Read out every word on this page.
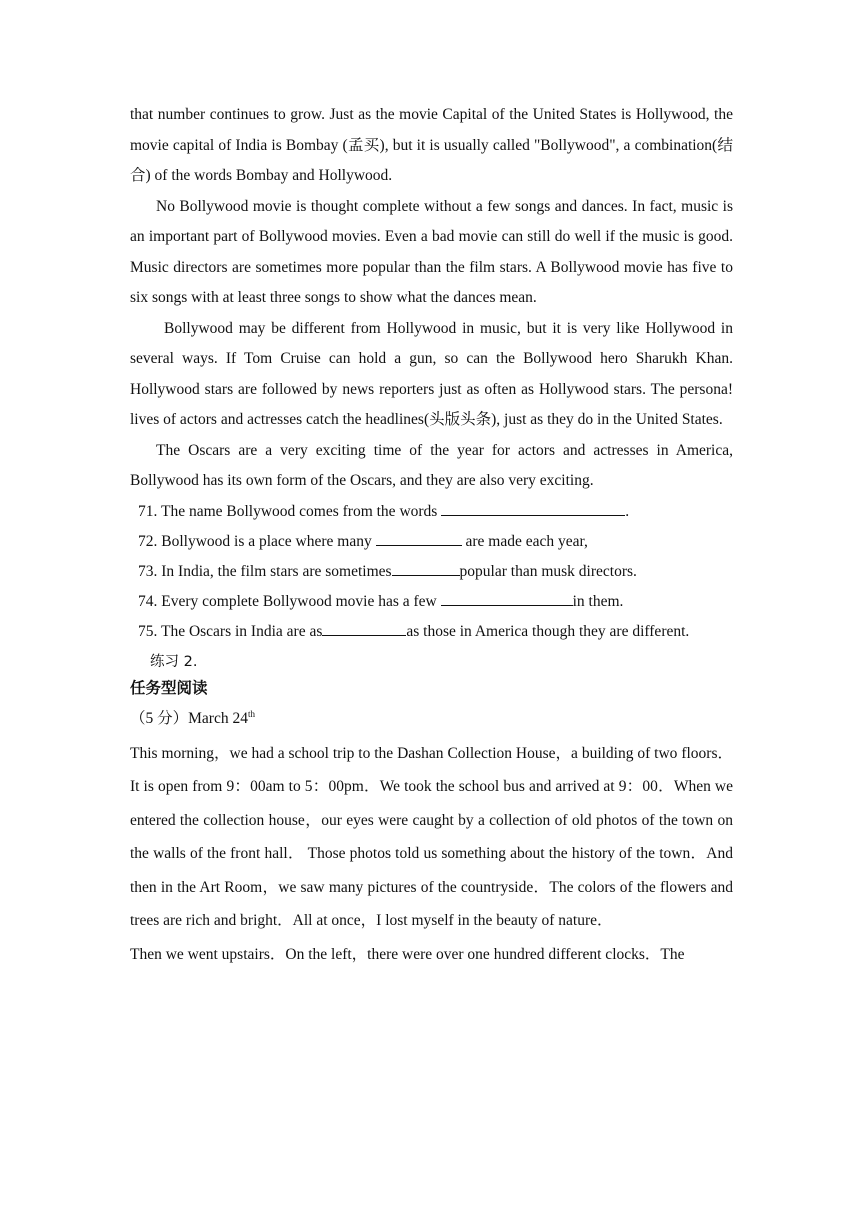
that number continues to grow. Just as the movie Capital of the United States is Hollywood, the movie capital of India is Bombay (孟买), but it is usually called "Bollywood", a combination(结合) of the words Bombay and Hollywood.

No Bollywood movie is thought complete without a few songs and dances. In fact, music is an important part of Bollywood movies. Even a bad movie can still do well if the music is good. Music directors are sometimes more popular than the film stars. A Bollywood movie has five to six songs with at least three songs to show what the dances mean.

Bollywood may be different from Hollywood in music, but it is very like Hollywood in several ways. If Tom Cruise can hold a gun, so can the Bollywood hero Sharukh Khan. Hollywood stars are followed by news reporters just as often as Hollywood stars. The persona! lives of actors and actresses catch the headlines(头版头条), just as they do in the United States.

The Oscars are a very exciting time of the year for actors and actresses in America, Bollywood has its own form of the Oscars, and they are also very exciting.

71. The name Bollywood comes from the words	.

72. Bollywood is a place where many	are made each year,

73. In India, the film stars are sometimes	popular than musk directors.

74. Every complete Bollywood movie has a few	in them.

75. The Oscars in India are as	as those in America though they are different.

练习 2.

任务型阅读

（5 分）March 24th

This morning，we had a school trip to the Dashan Collection House，a building of two floors．It is open from 9：00am to 5：00pm．We took the school bus and arrived at 9：00．When we entered the collection house，our eyes were caught by a collection of old photos of the town on the walls of the front hall． Those photos told us something about the history of the town．And then in the Art Room，we saw many pictures of the countryside．The colors of the flowers and trees are rich and bright．All at once，I lost myself in the beauty of nature．

Then we went upstairs．On the left，there were over one hundred different clocks．The
